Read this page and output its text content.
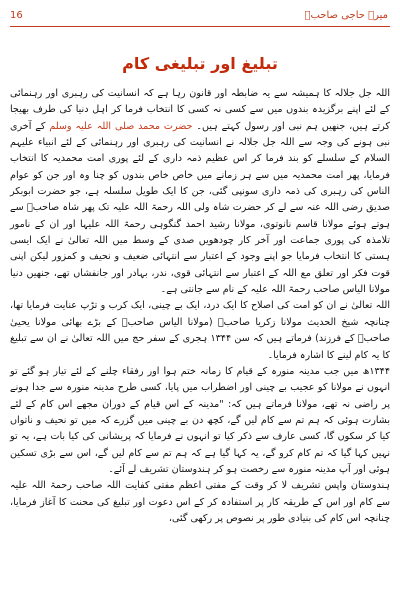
16	میرے حاجی صاحبؒ
تبلیغ اور تبلیغی کام

اللہ جل جلالہ کا ہمیشہ سے یہ ضابطہ اور قانون رہا ہے کہ انسانیت کی رہبری اور رہنمائی کے لئے اپنے برگزیدہ بندوں میں سے کسی نہ کسی کا انتخاب فرما کر اہل دنیا کی طرف بھیجا کرتے ہیں، جنھیں ہم نبی اور رسول کہتے ہیں۔ حضرت محمد صلی اللہ علیہ وسلم کے آخری نبی ہونے کی وجہ سے اللہ جل جلالہ نے انسانیت کی رہبری اور رہنمائی کے لئے انبیاء علیہم السلام کے سلسلے کو بند فرما کر اس عظیم ذمہ داری کے لئے پوری امت محمدیہ کا انتخاب فرمایا، پھر امت محمدیہ میں سے ہر زمانے میں خاص خاص بندوں کو چنا وہ اور جن کو عوام الناس کی رہبری کی ذمہ داری سونپی گئی، جن کا ایک طویل سلسلہ ہے، جو حضرت ابوبکر صدیق رضی اللہ عنہ سے لے کر حضرت شاہ ولی اللہ رحمۃ اللہ علیہ تک پھر شاہ صاحبؒ سے ہوتے ہوئے مولانا قاسم نانوتوی، مولانا رشید احمد گنگوہی رحمۃ اللہ علیہا اور ان کے نامور تلامذہ کی پوری جماعت اور آخر کار چودھویں صدی کے وسط میں اللہ تعالیٰ نے ایک ایسی ہستی کا انتخاب فرمایا جو اپنے وجود کے اعتبار سے انتہائی ضعیف و نحیف و کمزور لیکن اپنی قوت فکر اور تعلق مع اللہ کے اعتبار سے انتہائی قوی، ندر، بہادر اور جانفشاں تھے، جنھیں دنیا مولانا الیاس صاحب رحمۃ اللہ علیہ کے نام سے جانتی ہے۔

اللہ تعالیٰ نے ان کو امت کی اصلاح کا ایک درد، ایک بے چینی، ایک کرب و تڑپ عنایت فرمایا تھا، چنانچہ شیخ الحدیث مولانا زکریا صاحبؒ (مولانا الیاس صاحبؒ کے بڑے بھائی مولانا یحییٰ صاحبؒ کے فرزند) فرماتے ہیں کہ سن ۱۳۴۴ ہجری کے سفر حج میں اللہ تعالیٰ نے ان سے تبلیغ کا یہ کام لینے کا اشارہ فرمایا۔

۱۳۴۴ھ میں جب مدینہ منورہ کے قیام کا زمانہ ختم ہوا اور رفقاء چلنے کے لئے تیار ہو گئے تو انہوں نے مولانا کو عجیب بے چینی اور اضطراب میں پایا، کسی طرح مدینہ منورہ سے جدا ہونے پر راضی نہ تھے، مولانا فرماتے ہیں کہ: "مدینہ کے اس قیام کے دوران مجھے اس کام کے لئے بشارت ہوئی کہ ہم تم سے کام لیں گے، کچھ دن بے چینی میں گزرے کہ میں تو نحیف و ناتواں کیا کر سکوں گا، کسی عارف سے ذکر کیا تو انہوں نے فرمایا کہ پریشانی کی کیا بات ہے، یہ تو نہیں کہا گیا کہ تم کام کرو گے، یہ کہا گیا ہے کہ ہم تم سے کام لیں گے، اس سے بڑی تسکین ہوئی اور آپ مدینہ منورہ سے رخصت ہو کر ہندوستان تشریف لے آئے۔

ہندوستان واپس تشریف لا کر وقت کے مفتی اعظم مفتی کفایت اللہ صاحب رحمۃ اللہ علیہ سے کام اور اس کے طریقہ کار پر استفادہ کر کے اس دعوت اور تبلیغ کی محنت کا آغاز فرمایا، چنانچہ اس کام کی بنیادی طور پر نصوص پر رکھی گئی،
